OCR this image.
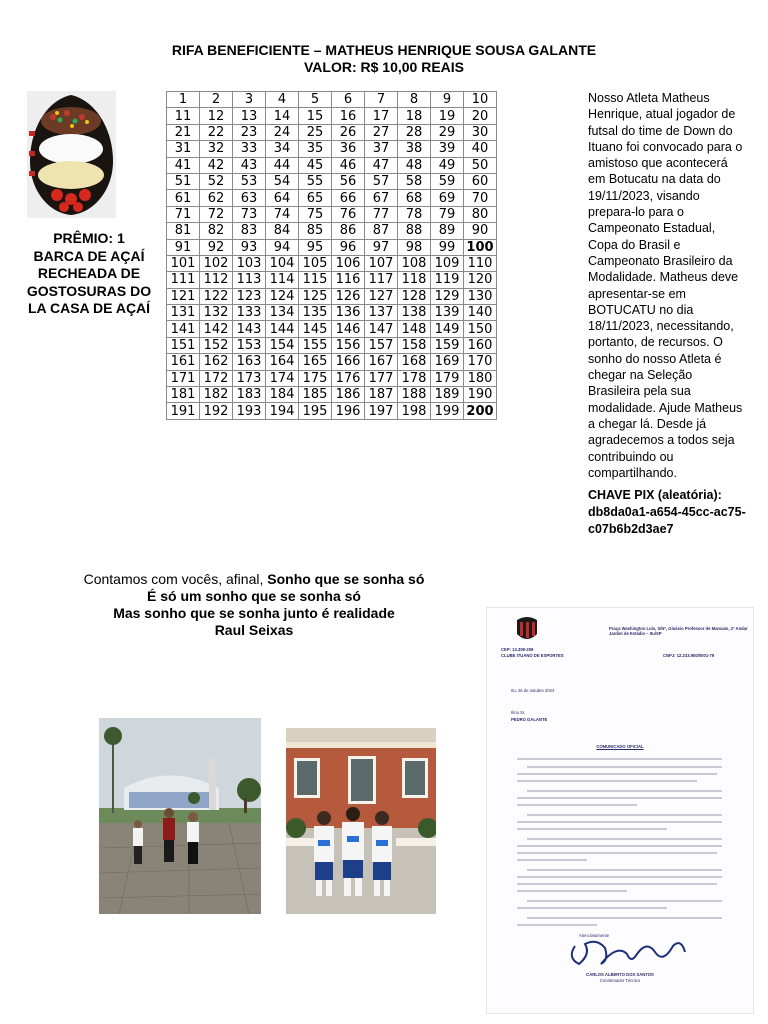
RIFA BENEFICIENTE – MATHEUS HENRIQUE SOUSA GALANTE
VALOR: R$ 10,00 REAIS
PRÊMIO: 1 BARCA DE AÇAÍ RECHEADA DE GOSTOSURAS DO LA CASA DE AÇAÍ
1	2	3	4	5	6	7	8	9	10
11	12	13	14	15	16	17	18	19	20
21	22	23	24	25	26	27	28	29	30
31	32	33	34	35	36	37	38	39	40
41	42	43	44	45	46	47	48	49	50
51	52	53	54	55	56	57	58	59	60
61	62	63	64	65	66	67	68	69	70
71	72	73	74	75	76	77	78	79	80
81	82	83	84	85	86	87	88	89	90
91	92	93	94	95	96	97	98	99	100
101	102	103	104	105	106	107	108	109	110
111	112	113	114	115	116	117	118	119	120
121	122	123	124	125	126	127	128	129	130
131	132	133	134	135	136	137	138	139	140
141	142	143	144	145	146	147	148	149	150
151	152	153	154	155	156	157	158	159	160
161	162	163	164	165	166	167	168	169	170
171	172	173	174	175	176	177	178	179	180
181	182	183	184	185	186	187	188	189	190
191	192	193	194	195	196	197	198	199	200
Nosso Atleta Matheus Henrique, atual jogador de futsal do time de Down do Ituano foi convocado para o amistoso que acontecerá em Botucatu na data do 19/11/2023, visando prepara-lo para o Campeonato Estadual, Copa do Brasil e Campeonato Brasileiro da Modalidade. Matheus deve apresentar-se em BOTUCATU no dia 18/11/2023, necessitando, portanto, de recursos. O sonho do nosso Atleta é chegar na Seleção Brasileira pela sua modalidade. Ajude Matheus a chegar lá. Desde já agradecemos a todos seja contribuindo ou compartilhando.
CHAVE PIX (aleatória):
db8da0a1-a654-45cc-ac75-c07b6b2d3ae7
Contamos com vocês, afinal, Sonho que se sonha só
É só um sonho que se sonha só
Mas sonho que se sonha junto é realidade
Raul Seixas	Praça Washington Luís, S/Nº, Ginásio Professor de Manuais, 2º Andar Jardim de Estádio – Itu/SP
CEP: 13.309-209
CLUBE ITUANO DE ESPORTES	CNPJ: 12.233.900/0001-79
Itu, 26 de outubro 2023
Ilmo Sr.
PEDRO GALANTE
COMUNICADO OFICIAL
Atenciosamente
CARLOS ALBERTO DOS SANTOS
Coordenador Técnico
